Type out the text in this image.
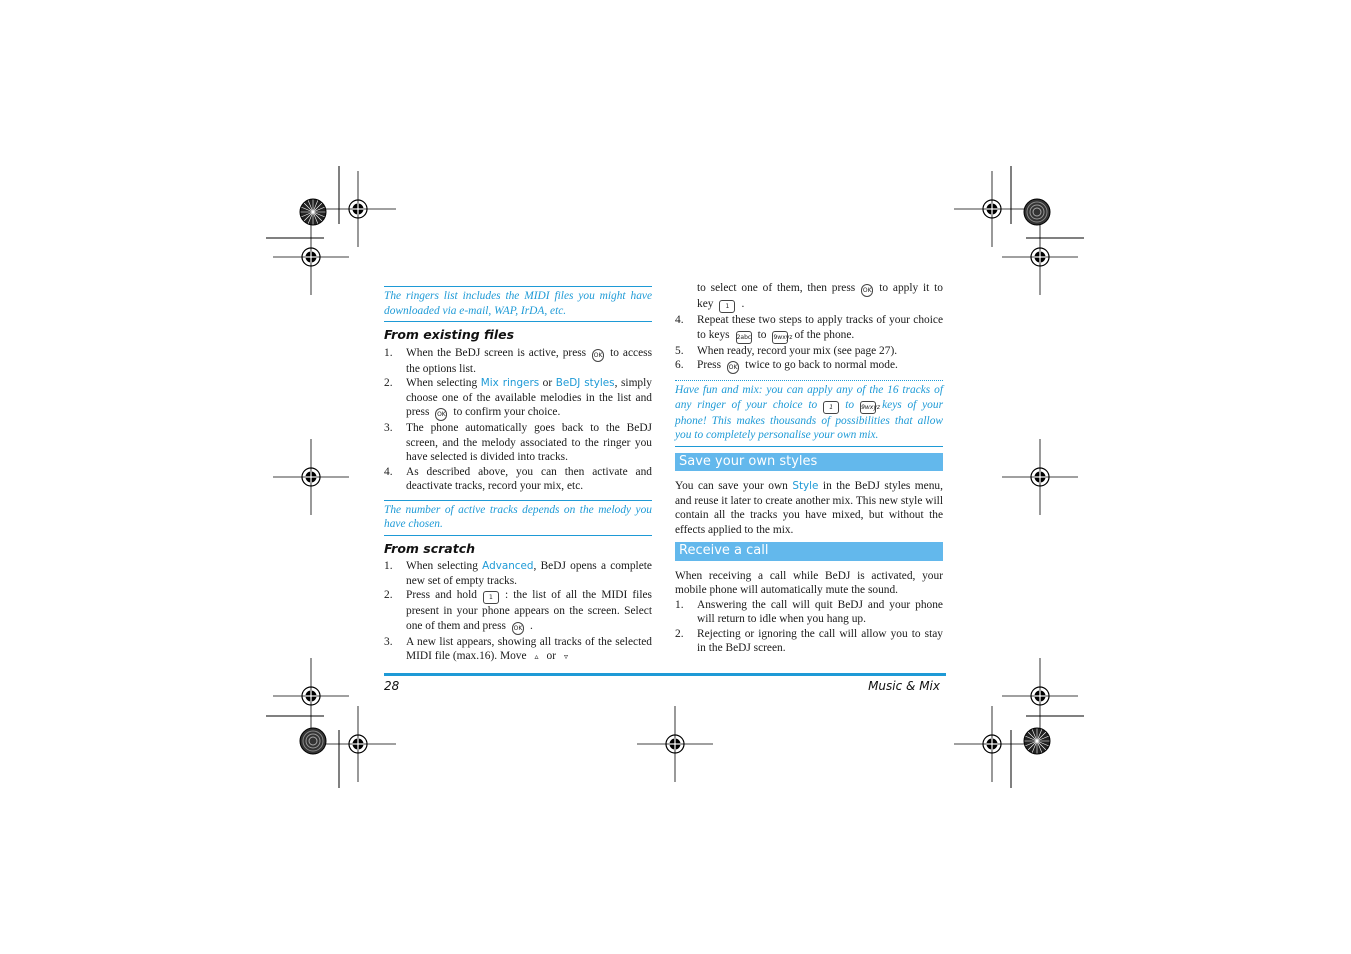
The ringers list includes the MIDI files you might have downloaded via e-mail, WAP, IrDA, etc.

From existing files

1.	When the BeDJ screen is active, press OK to access the options list.
2.	When selecting Mix ringers or BeDJ styles, simply choose one of the available melodies in the list and press OK to confirm your choice.
3.	The phone automatically goes back to the BeDJ screen, and the melody associated to the ringer you have selected is divided into tracks.
4.	As described above, you can then activate and deactivate tracks, record your mix, etc.

The number of active tracks depends on the melody you have chosen.

From scratch

1.	When selecting Advanced, BeDJ opens a complete new set of empty tracks.
2.	Press and hold 1 : the list of all the MIDI files present in your phone appears on the screen. Select one of them and press OK .
3.	A new list appears, showing all tracks of the selected MIDI file (max.16). Move ▵ or ▿

to select one of them, then press OK to apply it to key 1 .

4.	Repeat these two steps to apply tracks of your choice to keys 2abc to 9wxyz of the phone.
5.	When ready, record your mix (see page 27).
6.	Press OK twice to go back to normal mode.

Have fun and mix: you can apply any of the 16 tracks of any ringer of your choice to 1 to 9wxyz keys of your phone! This makes thousands of possibilities that allow you to completely personalise your own mix.

Save your own styles

You can save your own Style in the BeDJ styles menu, and reuse it later to create another mix. This new style will contain all the tracks you have mixed, but without the effects applied to the mix.

Receive a call

When receiving a call while BeDJ is activated, your mobile phone will automatically mute the sound.

1.	Answering the call will quit BeDJ and your phone will return to idle when you hang up.
2.	Rejecting or ignoring the call will allow you to stay in the BeDJ screen.
28	Music & Mix
